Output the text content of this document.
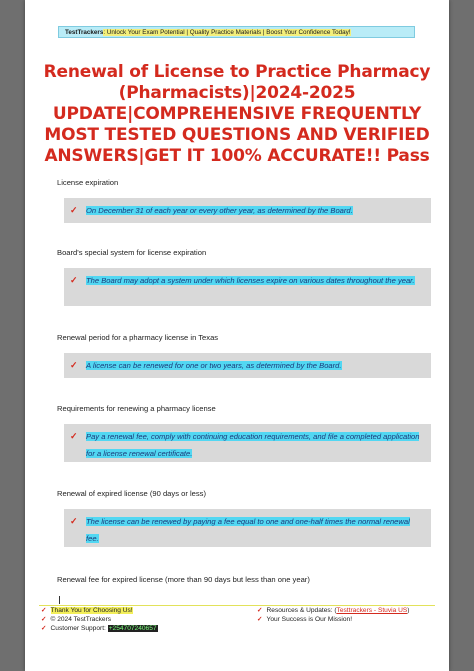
TestTrackers: Unlock Your Exam Potential | Quality Practice Materials | Boost Your Confidence Today!
Renewal of License to Practice Pharmacy
(Pharmacists)|2024-2025
UPDATE|COMPREHENSIVE FREQUENTLY
MOST TESTED QUESTIONS AND VERIFIED
ANSWERS|GET IT 100% ACCURATE!! Pass
License expiration
✓ On December 31 of each year or every other year, as determined by the Board.
Board's special system for license expiration
✓ The Board may adopt a system under which licenses expire on various dates throughout the year.
Renewal period for a pharmacy license in Texas
✓ A license can be renewed for one or two years, as determined by the Board.
Requirements for renewing a pharmacy license
✓ Pay a renewal fee, comply with continuing education requirements, and file a completed application for a license renewal certificate.
Renewal of expired license (90 days or less)
✓ The license can be renewed by paying a fee equal to one and one-half times the normal renewal fee.
Renewal fee for expired license (more than 90 days but less than one year)
✓ Thank You for Choosing Us!
✓ © 2024 TestTrackers
✓ Customer Support: +254707240657
✓ Resources & Updates: (Testtrackers - Stuvia US)
✓ Your Success is Our Mission!
